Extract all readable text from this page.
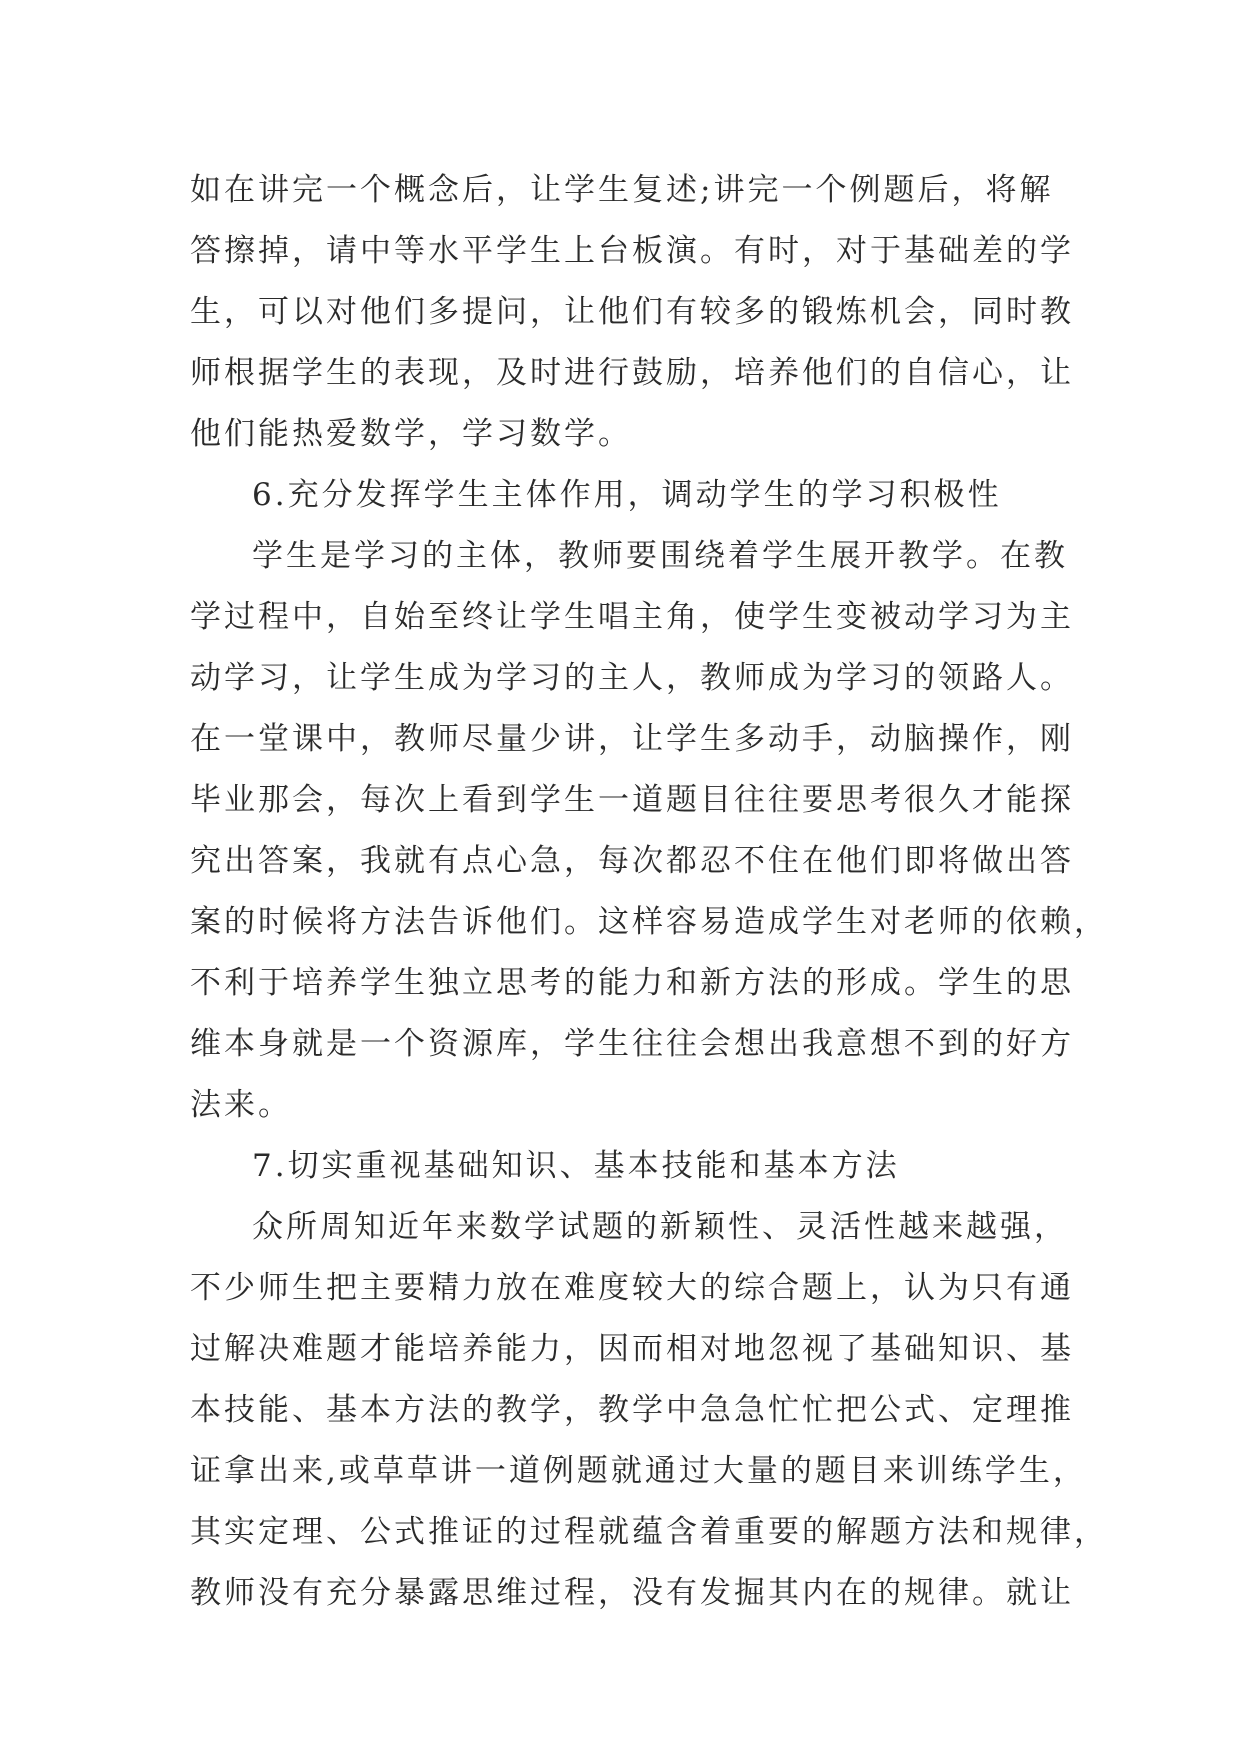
如在讲完一个概念后，让学生复述;讲完一个例题后，将解
答擦掉，请中等水平学生上台板演。有时，对于基础差的学
生，可以对他们多提问，让他们有较多的锻炼机会，同时教
师根据学生的表现，及时进行鼓励，培养他们的自信心，让
他们能热爱数学，学习数学。
6.充分发挥学生主体作用，调动学生的学习积极性
学生是学习的主体，教师要围绕着学生展开教学。在教
学过程中，自始至终让学生唱主角，使学生变被动学习为主
动学习，让学生成为学习的主人，教师成为学习的领路人。
在一堂课中，教师尽量少讲，让学生多动手，动脑操作，刚
毕业那会，每次上看到学生一道题目往往要思考很久才能探
究出答案，我就有点心急，每次都忍不住在他们即将做出答
案的时候将方法告诉他们。这样容易造成学生对老师的依赖，
不利于培养学生独立思考的能力和新方法的形成。学生的思
维本身就是一个资源库，学生往往会想出我意想不到的好方
法来。
7.切实重视基础知识、基本技能和基本方法
众所周知近年来数学试题的新颖性、灵活性越来越强，
不少师生把主要精力放在难度较大的综合题上，认为只有通
过解决难题才能培养能力，因而相对地忽视了基础知识、基
本技能、基本方法的教学，教学中急急忙忙把公式、定理推
证拿出来,或草草讲一道例题就通过大量的题目来训练学生，
其实定理、公式推证的过程就蕴含着重要的解题方法和规律，
教师没有充分暴露思维过程，没有发掘其内在的规律。就让
